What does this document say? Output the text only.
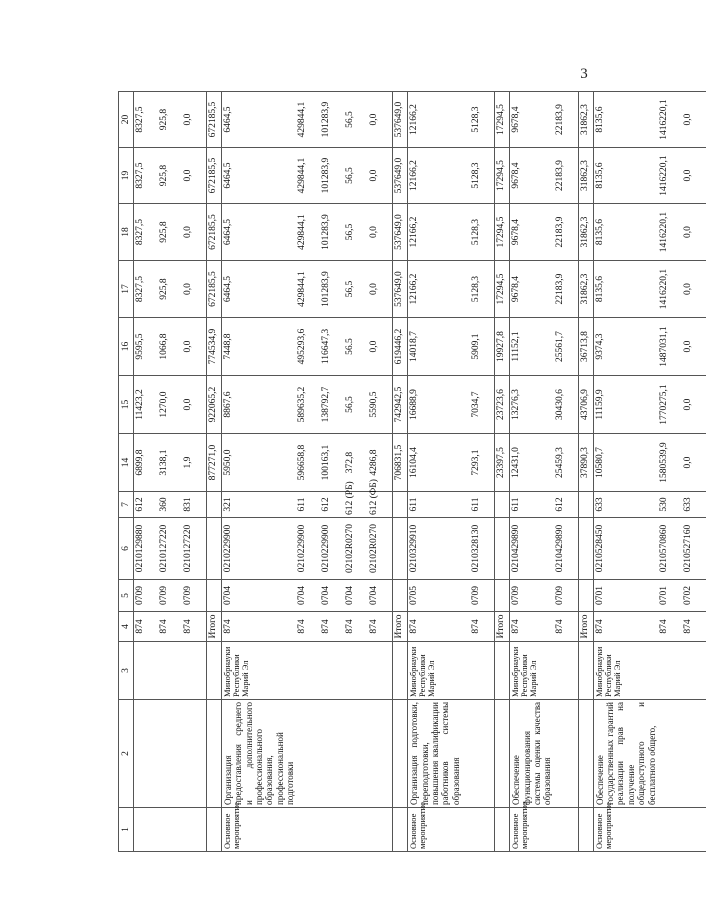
3
1	2	3	4	5	6	7	14	15	16	17	18	19	20
			874	0709	0210129880	612	6899,8	11423,2	9595,5	8327,5	8327,5	8327,5	8327,5
			874	0709	0210127220	360	3138,1	1270,0	1066,8	925,8	925,8	925,8	925,8
			874	0709	0210127220	831	1,9	0,0	0,0	0,0	0,0	0,0	0,0
			Итого				877271,0	922065,2	774534,9	672185,5	672185,5	672185,5	672185,5
Основное мероприятие	Организация предоставления среднего и дополнительного профессионального образования, профессиональной подготовки	Минобрнауки Республики Марий Эл	874	0704	0210229900	321	5950,0	8867,6	7448,8	6464,5	6464,5	6464,5	6464,5
			874	0704	0210229900	611	596658,8	589635,2	495293,6	429844,1	429844,1	429844,1	429844,1
			874	0704	0210229900	612	100163,1	138792,7	116647,3	101283,9	101283,9	101283,9	101283,9
			874	0704	02102R0270	612 (РБ)	372,8	56,5	56.5	56,5	56,5	56,5	56,5
			874	0704	02102R0270	612 (ФБ)	4286,8	5590,5	0,0	0,0	0,0	0,0	0,0
			Итого				706831,5	742942,5	619446,2	537649,0	537649,0	537649,0	537649,0
Основное мероприятие	Организация подготовки, переподготовки, повышения квалификации работников системы образования	Минобрнауки Республики Марий Эл	874	0705	0210329910	611	16104,4	16688,9	14018,7	12166,2	12166,2	12166,2	12166,2
			874	0709	0210328130	611	7293,1	7034,7	5909,1	5128,3	5128,3	5128,3	5128,3
			Итого				23397,5	23723,6	19927,8	17294,5	17294,5	17294,5	17294,5
Основное мероприятие	Обеспечение функционирования системы оценки качества образования	Минобрнауки Республики Марий Эл	874	0709	0210429890	611	12431,0	13276,3	11152,1	9678,4	9678,4	9678,4	9678,4
			874	0709	0210429890	612	25459,3	30430,6	25561,7	22183,9	22183,9	22183,9	22183,9
			Итого				37890,3	43706,9	36713,8	31862,3	31862,3	31862,3	31862,3
Основное мероприятие	Обеспечение государственных гарантий реализации прав на получение общедоступного и бесплатного общего,	Минобрнауки Республики Марий Эл	874	0701	0210528450	633	10580,7	11159,9	9374,3	8135,6	8135,6	8135,6	8135,6
			874	0701	0210570860	530	1580539,9	1770275,1	1487031,1	1416220,1	1416220,1	1416220,1	1416220,1
			874	0702	0210527160	633	0,0	0,0	0,0	0,0	0,0	0,0	0,0
